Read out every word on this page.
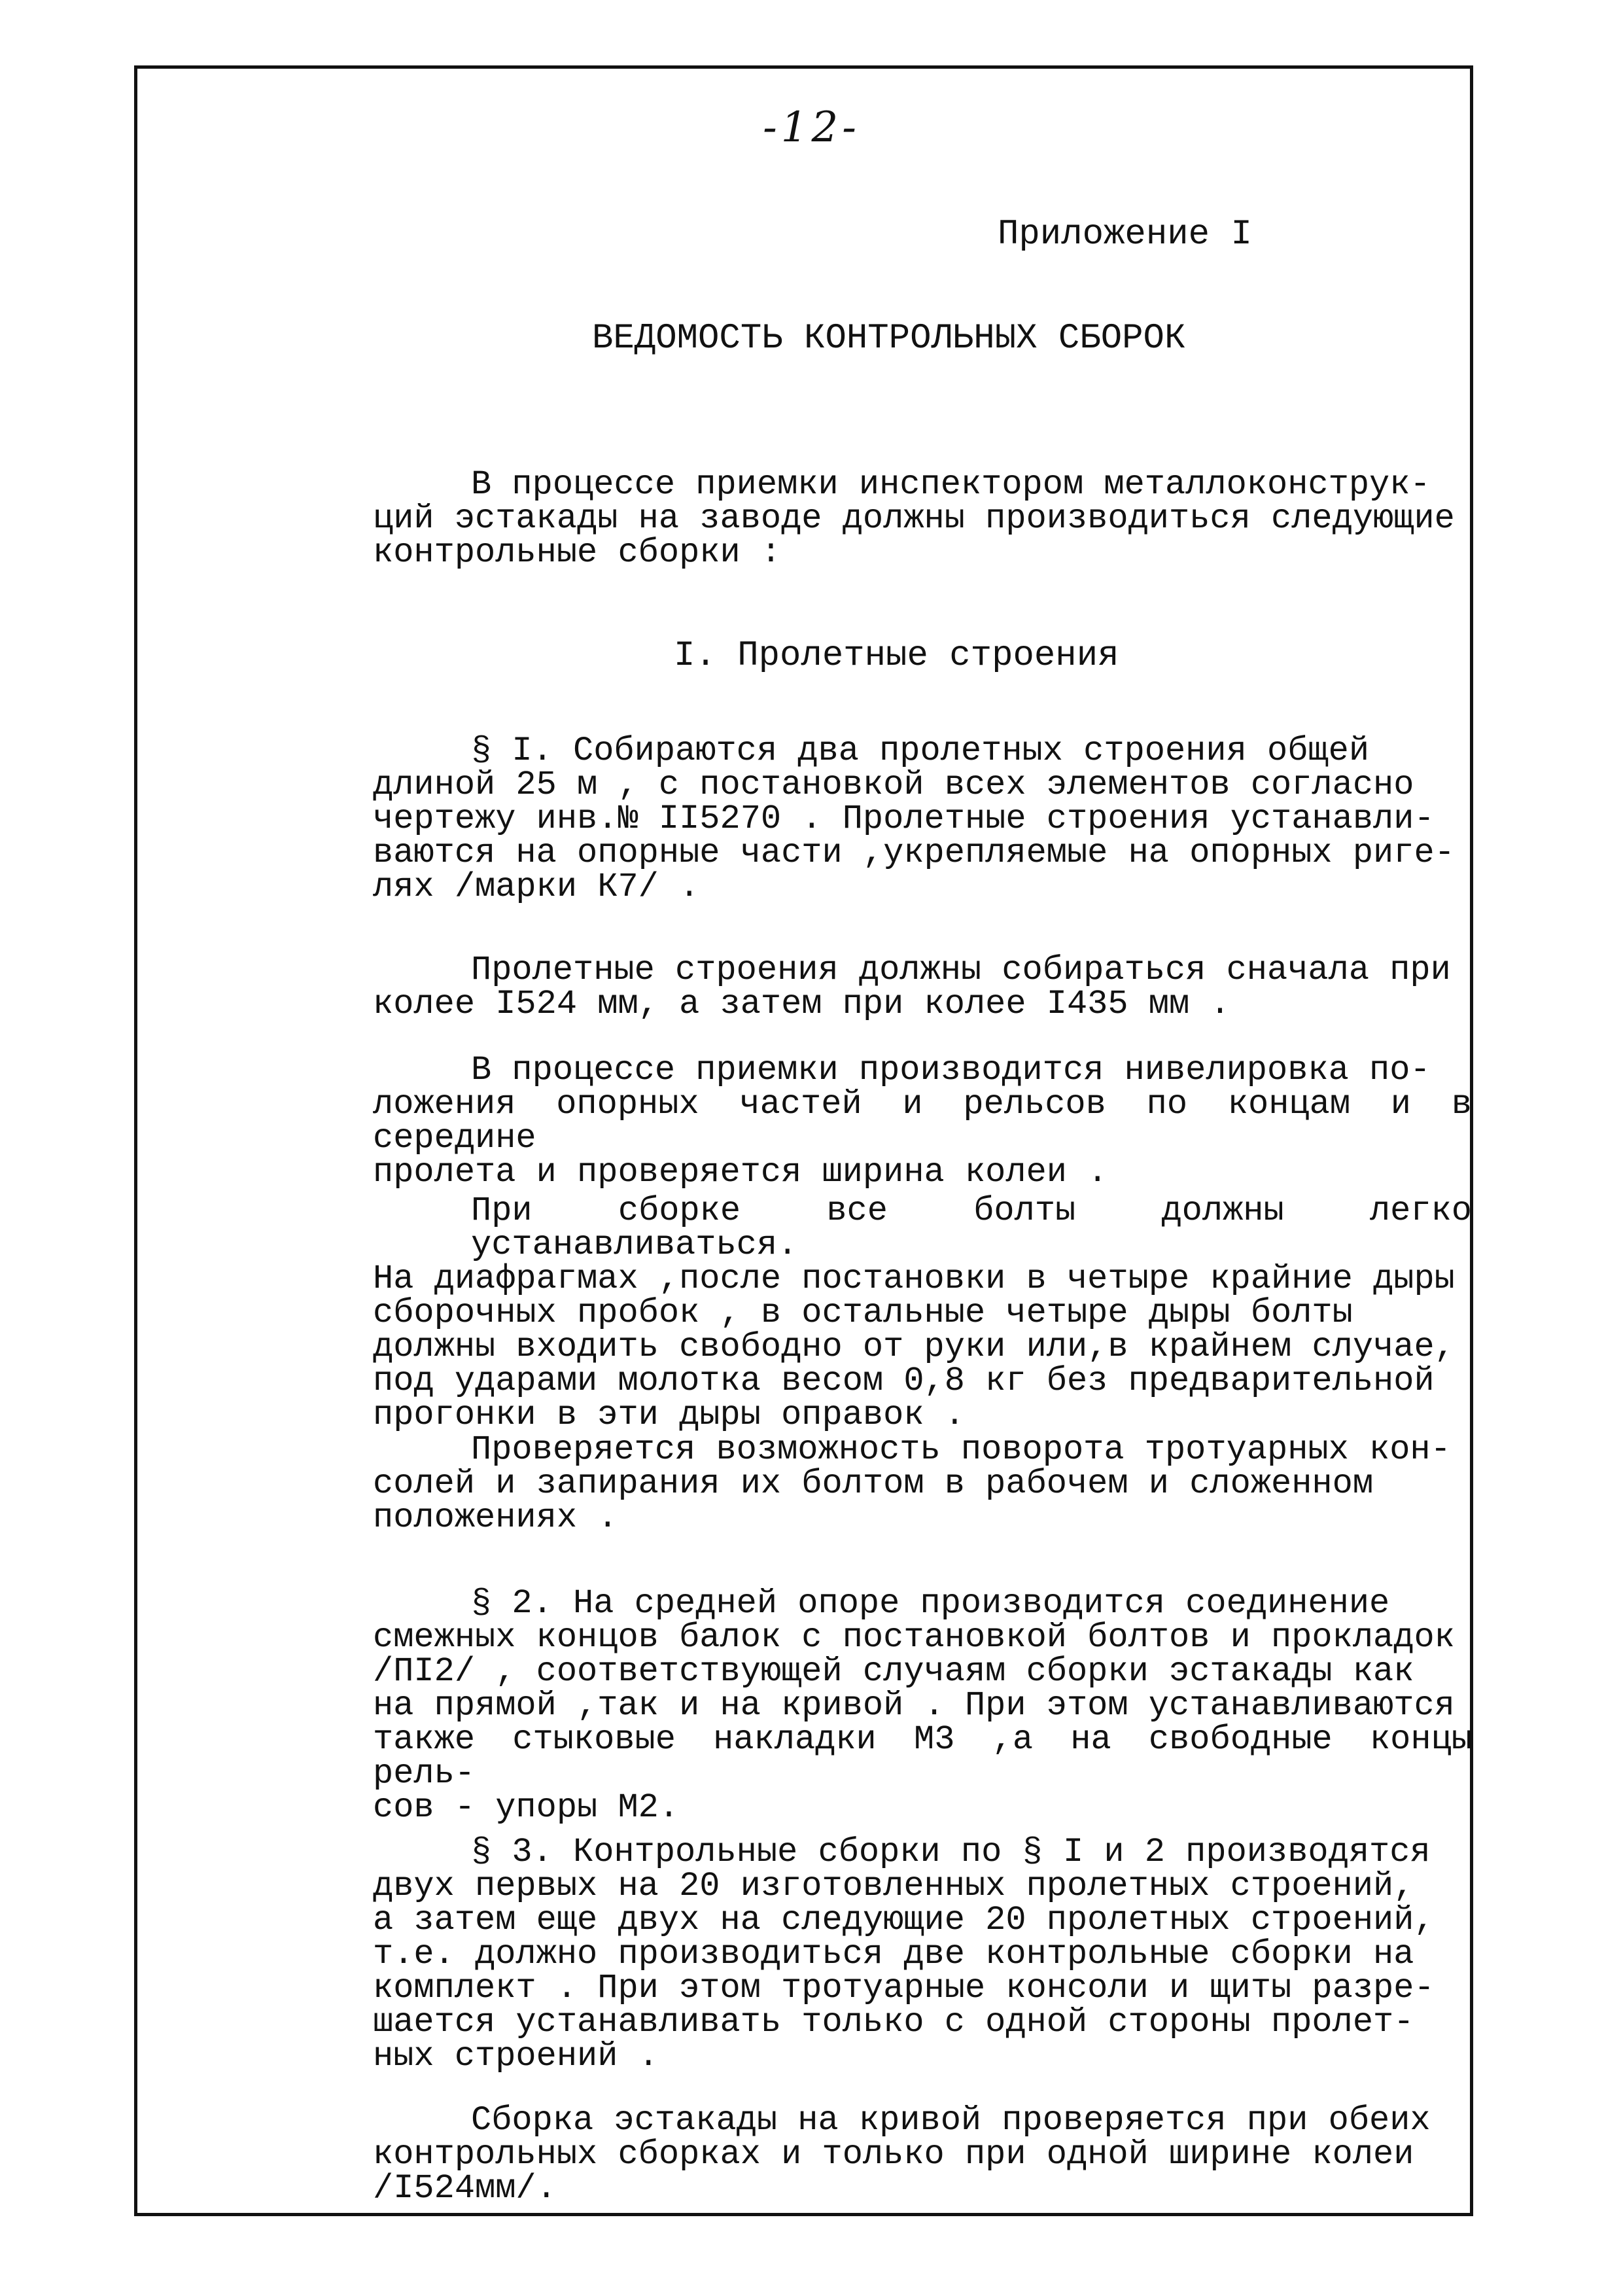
-12-
Приложение I
ВЕДОМОСТЬ КОНТРОЛЬНЫХ СБОРОК

В процессе приемки инспектором металлоконструк-
ций эстакады на заводе должны производиться следующие
контрольные сборки :

I. Пролетные строения

§ I. Собираются два пролетных строения общей
длиной 25 м , с постановкой всех элементов согласно
чертежу инв.№ II5270 . Пролетные строения устанавли-
ваются на опорные части ,укрепляемые на опорных риге-
лях /марки К7/ .

Пролетные строения должны собираться сначала при
колее I524 мм, а затем при колее I435 мм .

В процессе приемки производится нивелировка по-
ложения опорных частей и рельсов по концам и в середине
пролета и проверяется ширина колеи .

При сборке все болты должны легко устанавливаться.
На диафрагмах ,после постановки в четыре крайние дыры
сборочных пробок , в остальные четыре дыры болты
должны входить свободно от руки или,в крайнем случае,
под ударами молотка весом 0,8 кг без предварительной
прогонки в эти дыры оправок .

Проверяется возможность поворота тротуарных кон-
солей и запирания их болтом в рабочем и сложенном
положениях .

§ 2. На средней опоре производится соединение
смежных концов балок с постановкой болтов и прокладок
/ПI2/ , соответствующей случаям сборки эстакады как
на прямой ,так и на кривой . При этом устанавливаются
также стыковые накладки М3 ,а на свободные концы рель-
сов - упоры М2.

§ 3. Контрольные сборки по § I и 2 производятся
двух первых на 20 изготовленных пролетных строений,
а затем еще двух на следующие 20 пролетных строений,
т.е. должно производиться две контрольные сборки на
комплект . При этом тротуарные консоли и щиты разре-
шается устанавливать только с одной стороны пролет-
ных строений .

Сборка эстакады на кривой проверяется при обеих
контрольных сборках и только при одной ширине колеи
/I524мм/.
